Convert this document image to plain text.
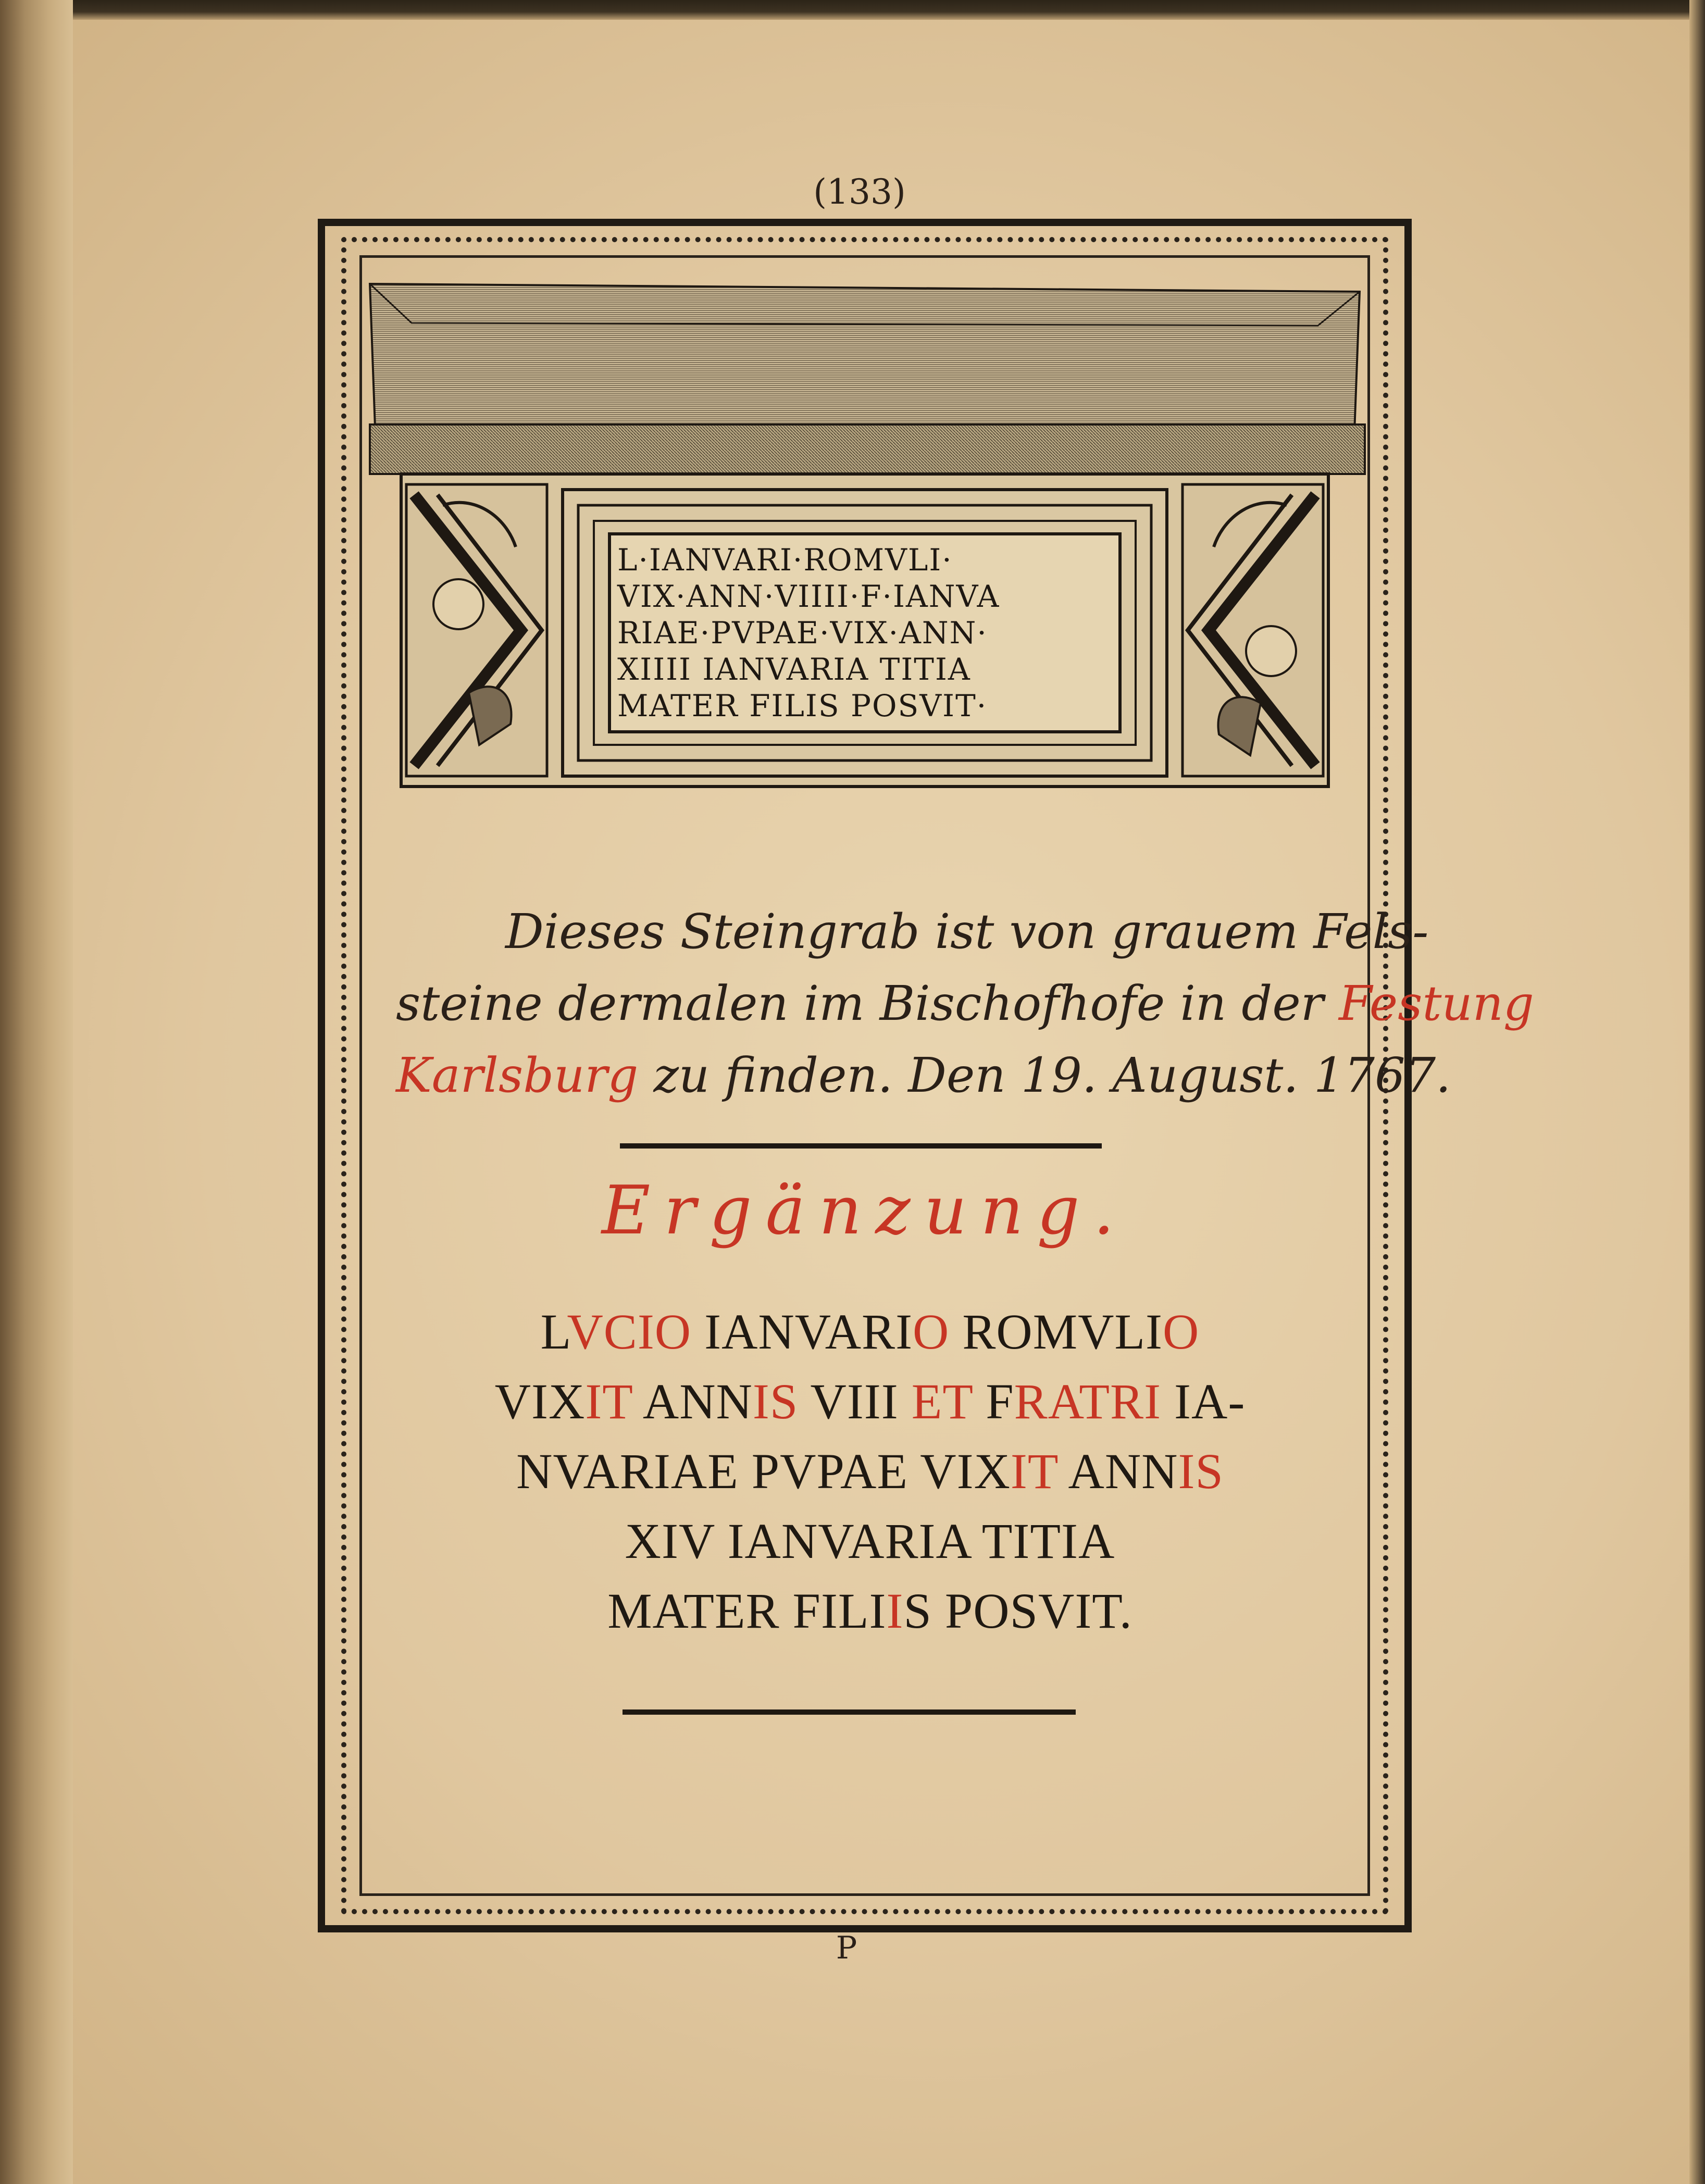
(133)
L·IANVARI·ROMVLI·
VIX·ANN·VIIII·F·IANVA
RIAE·PVPAE·VIX·ANN·
XIIII IANVARIA TITIA
MATER FILIS POSVIT·
Dieses Steingrab ist von grauem Fels-
steine dermalen im Bischofhofe in der Festung
Karlsburg zu finden. Den 19. August. 1767.
Ergänzung.
LVCIO IANVARIO ROMVLIO
VIXIT ANNIS VIII ET FRATRI IA-
NVARIAE PVPAE VIXIT ANNIS
XIV IANVARIA TITIA
MATER FILIIS POSVIT.
P
